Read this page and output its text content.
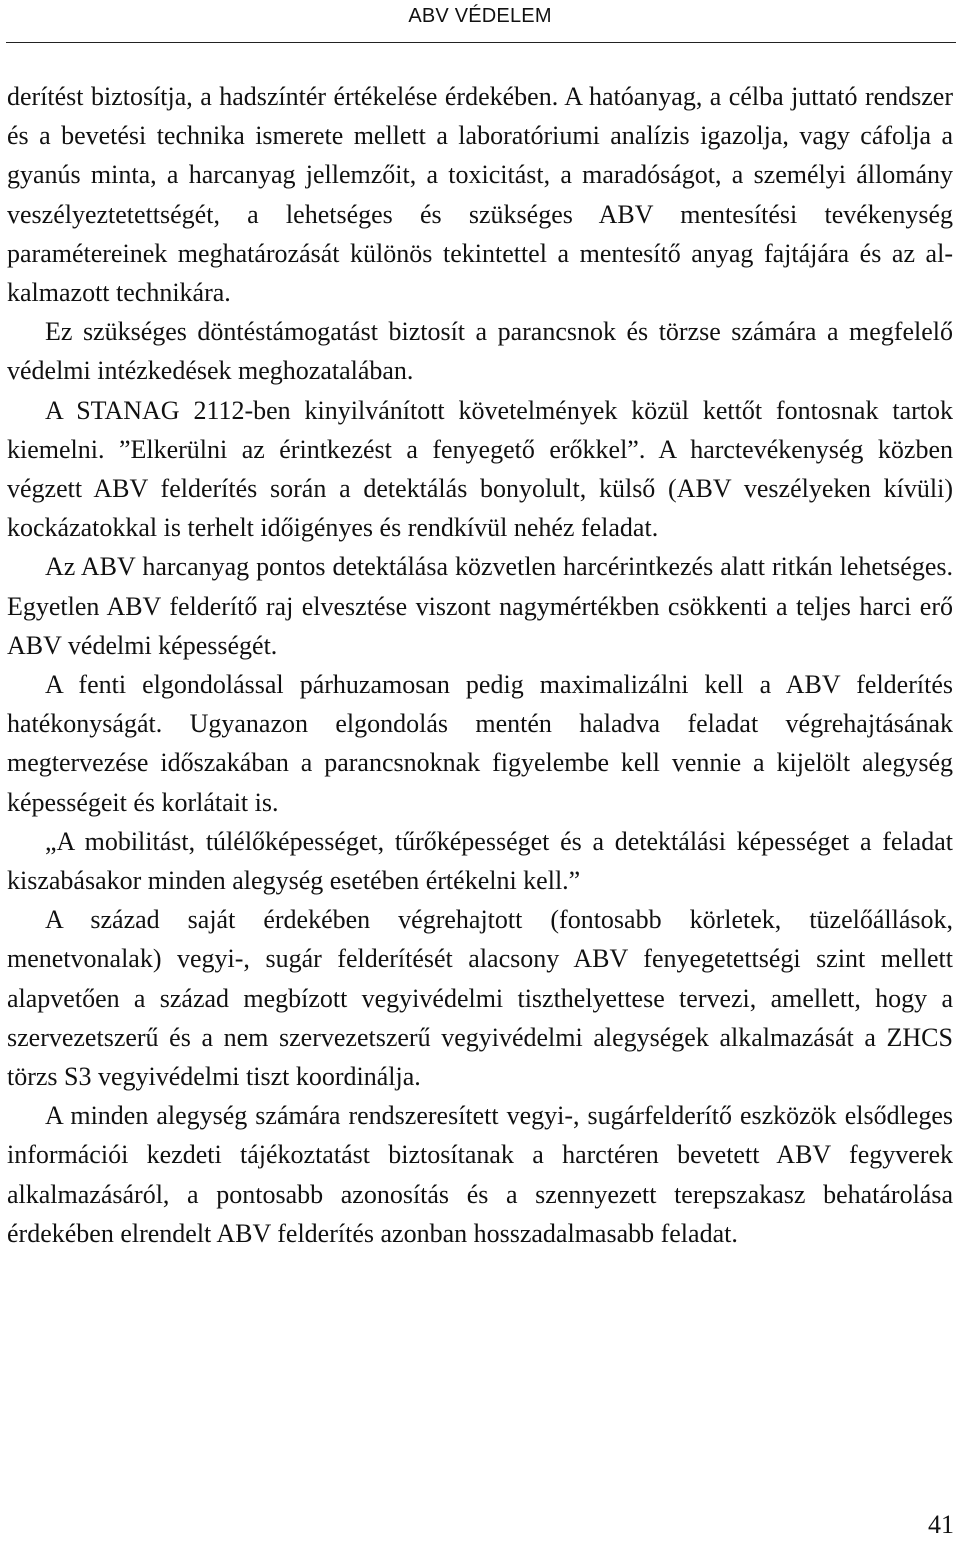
ABV VÉDELEM

derítést biztosítja, a hadszíntér értékelése érdekében. A hatóanyag, a célba juttató rendszer és a bevetési technika ismerete mellett a laboratóriumi analízis igazolja, vagy cáfolja a gyanús minta, a harcanyag jellemzőit, a toxicitást, a maradóságot, a személyi állomány veszélyeztetettségét, a lehetséges és szükséges ABV mentesítési tevékenység paramétereinek meghatározását különös tekintettel a mentesítő anyag fajtájára és az alkalmazott technikára.

Ez szükséges döntéstámogatást biztosít a parancsnok és törzse számára a megfelelő védelmi intézkedések meghozatalában.

A STANAG 2112-ben kinyilvánított követelmények közül kettőt fontosnak tartok kiemelni. ”Elkerülni az érintkezést a fenyegető erőkkel”. A harctevékenység közben végzett ABV felderítés során a detektálás bonyolult, külső (ABV veszélyeken kívüli) kockázatokkal is terhelt időigényes és rendkívül nehéz feladat.

Az ABV harcanyag pontos detektálása közvetlen harcérintkezés alatt ritkán lehetséges. Egyetlen ABV felderítő raj elvesztése viszont nagymértékben csökkenti a teljes harci erő ABV védelmi képességét.

A fenti elgondolással párhuzamosan pedig maximalizálni kell a ABV felderítés hatékonyságát. Ugyanazon elgondolás mentén haladva feladat végrehajtásának megtervezése időszakában a parancsnoknak figyelembe kell vennie a kijelölt alegység képességeit és korlátait is.

„A mobilitást, túlélőképességet, tűrőképességet és a detektálási képességet a feladat kiszabásakor minden alegység esetében értékelni kell.”

A század saját érdekében végrehajtott (fontosabb körletek, tüzelőállások, menetvonalak) vegyi-, sugár felderítését alacsony ABV fenyegetettségi szint mellett alapvetően a század megbízott vegyivédelmi tiszthelyettese tervezi, amellett, hogy a szervezetszerű és a nem szervezetszerű vegyivédelmi alegységek alkalmazását a ZHCS törzs S3 vegyivédelmi tiszt koordinálja.

A minden alegység számára rendszeresített vegyi-, sugárfelderítő eszközök elsődleges információi kezdeti tájékoztatást biztosítanak a harctéren bevetett ABV fegyverek alkalmazásáról, a pontosabb azonosítás és a szennyezett terepszakasz behatárolása érdekében elrendelt ABV felderítés azonban hosszadalmasabb feladat.

41
